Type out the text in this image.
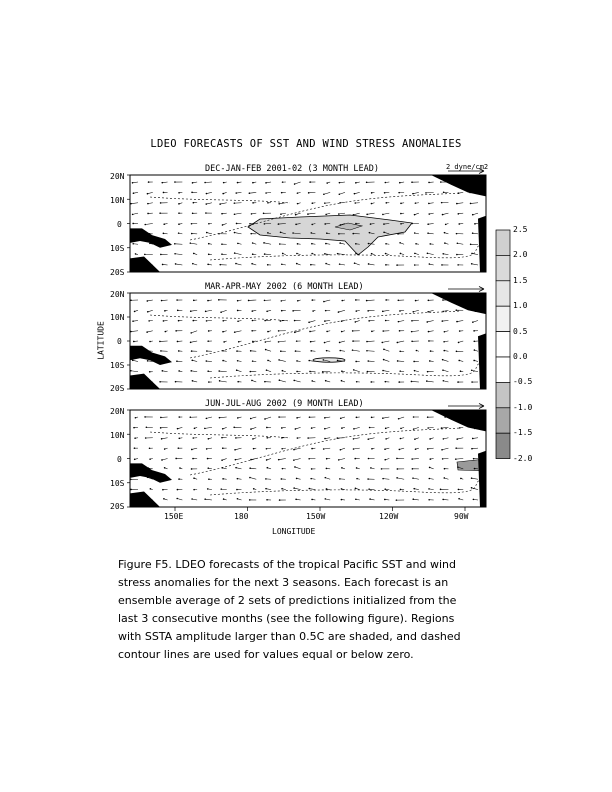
LDEO FORECASTS OF SST AND WIND STRESS ANOMALIES
DEC-JAN-FEB 2001-02 (3 MONTH LEAD)
MAR-APR-MAY 2002 (6 MONTH LEAD)
JUN-JUL-AUG 2002 (9 MONTH LEAD)
2 dyne/cm2
LATITUDE
LONGITUDE
20N
10N
0
10S
20S
20N
10N
0
10S
20S
20N
10N
0
10S
20S
150E	180	150W	120W	90W
2.5
2.0
1.5
1.0
0.5
0.0
-0.5
-1.0
-1.5
-2.0
Figure F5. LDEO forecasts of the tropical Pacific SST and wind
stress anomalies for the next 3 seasons. Each forecast is an
ensemble average of 2 sets of predictions initialized from the
last 3 consecutive months (see the following figure). Regions
with SSTA amplitude larger than 0.5C are shaded, and dashed
contour lines are used for values equal or below zero.
